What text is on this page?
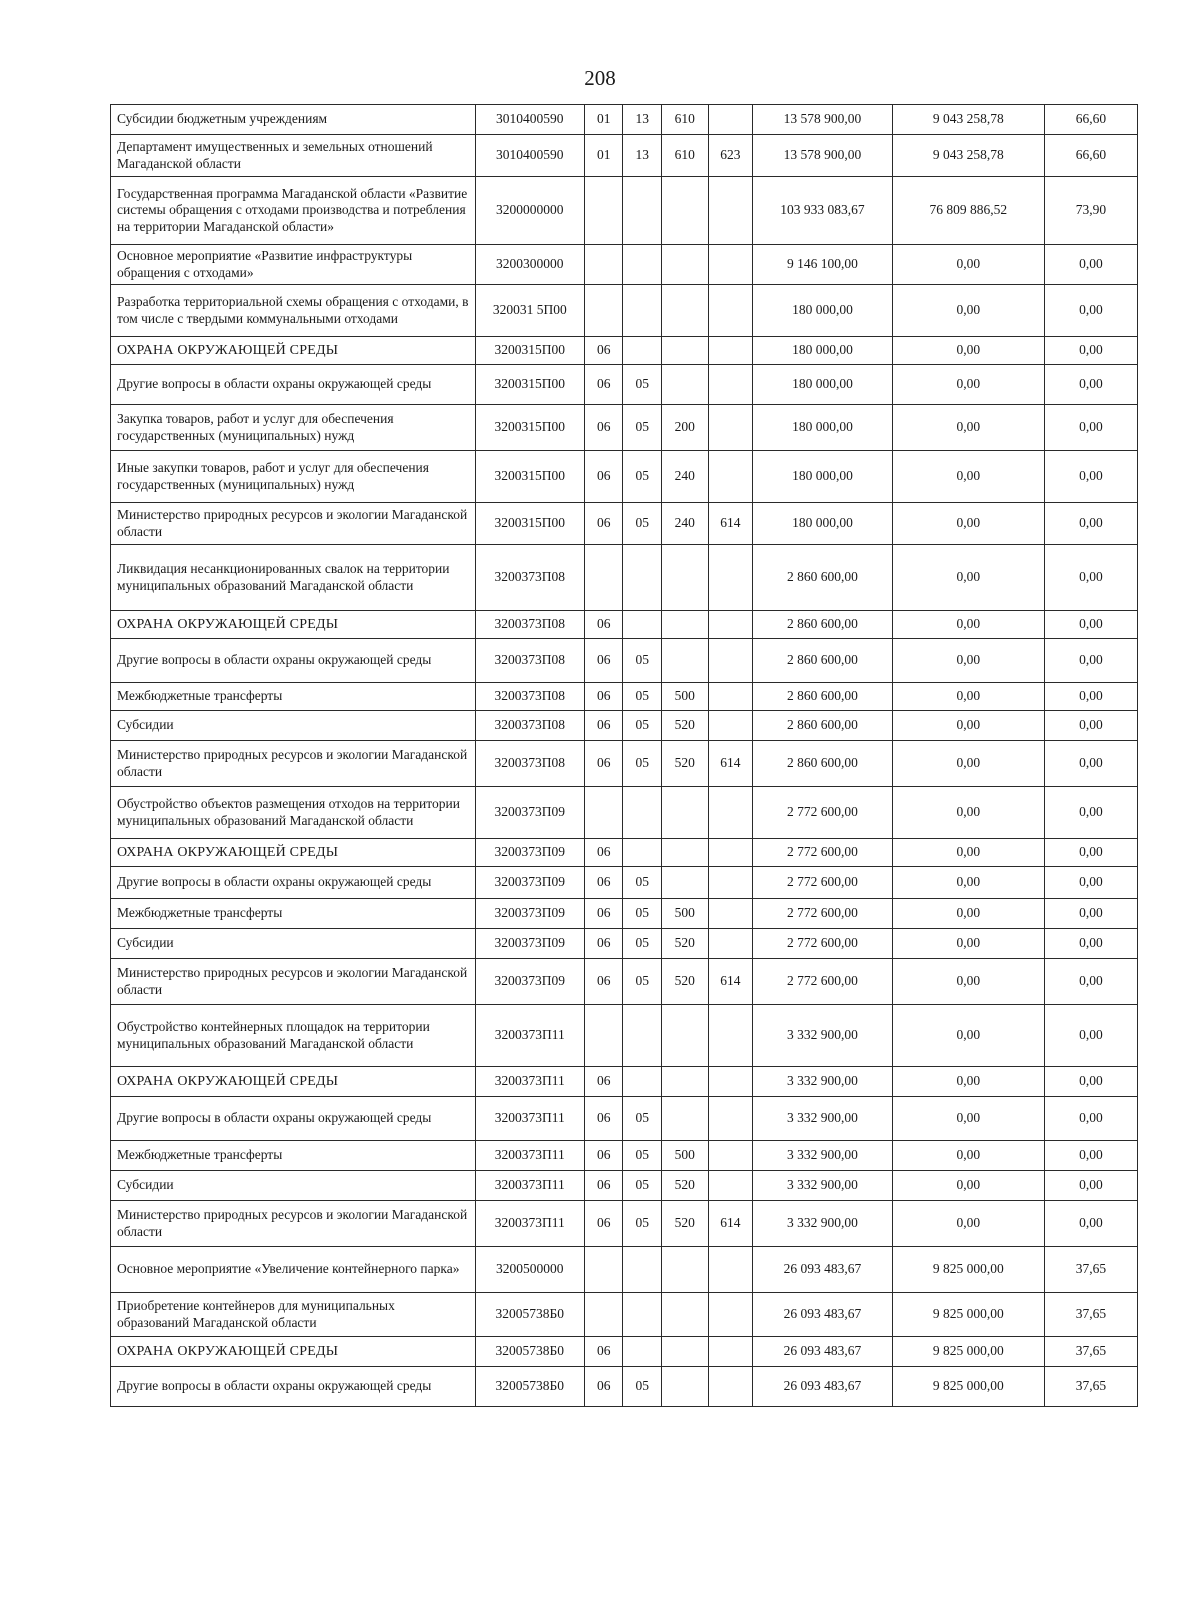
208
Субсидии бюджетным учреждениям	3010400590	01	13	610		13 578 900,00	9 043 258,78	66,60
Департамент имущественных и земельных отношений Магаданской области	3010400590	01	13	610	623	13 578 900,00	9 043 258,78	66,60
Государственная программа Магаданской области «Развитие системы обращения с отходами производства и потребления на территории Магаданской области»	3200000000					103 933 083,67	76 809 886,52	73,90
Основное мероприятие «Развитие инфраструктуры обращения с отходами»	3200300000					9 146 100,00	0,00	0,00
Разработка территориальной схемы обращения с отходами, в том числе с твердыми коммунальными отходами	320031 5П00					180 000,00	0,00	0,00
ОХРАНА ОКРУЖАЮЩЕЙ СРЕДЫ	3200315П00	06				180 000,00	0,00	0,00
Другие вопросы в области охраны окружающей среды	3200315П00	06	05			180 000,00	0,00	0,00
Закупка товаров, работ и услуг для обеспечения государственных (муниципальных) нужд	3200315П00	06	05	200		180 000,00	0,00	0,00
Иные закупки товаров, работ и услуг для обеспечения государственных (муниципальных) нужд	3200315П00	06	05	240		180 000,00	0,00	0,00
Министерство природных ресурсов и экологии Магаданской области	3200315П00	06	05	240	614	180 000,00	0,00	0,00
Ликвидация несанкционированных свалок на территории муниципальных образований Магаданской области	3200373П08					2 860 600,00	0,00	0,00
ОХРАНА ОКРУЖАЮЩЕЙ СРЕДЫ	3200373П08	06				2 860 600,00	0,00	0,00
Другие вопросы в области охраны окружающей среды	3200373П08	06	05			2 860 600,00	0,00	0,00
Межбюджетные трансферты	3200373П08	06	05	500		2 860 600,00	0,00	0,00
Субсидии	3200373П08	06	05	520		2 860 600,00	0,00	0,00
Министерство природных ресурсов и экологии Магаданской области	3200373П08	06	05	520	614	2 860 600,00	0,00	0,00
Обустройство объектов размещения отходов на территории муниципальных образований Магаданской области	3200373П09					2 772 600,00	0,00	0,00
ОХРАНА ОКРУЖАЮЩЕЙ СРЕДЫ	3200373П09	06				2 772 600,00	0,00	0,00
Другие вопросы в области охраны окружающей среды	3200373П09	06	05			2 772 600,00	0,00	0,00
Межбюджетные трансферты	3200373П09	06	05	500		2 772 600,00	0,00	0,00
Субсидии	3200373П09	06	05	520		2 772 600,00	0,00	0,00
Министерство природных ресурсов и экологии Магаданской области	3200373П09	06	05	520	614	2 772 600,00	0,00	0,00
Обустройство контейнерных площадок на территории муниципальных образований Магаданской области	3200373П11					3 332 900,00	0,00	0,00
ОХРАНА ОКРУЖАЮЩЕЙ СРЕДЫ	3200373П11	06				3 332 900,00	0,00	0,00
Другие вопросы в области охраны окружающей среды	3200373П11	06	05			3 332 900,00	0,00	0,00
Межбюджетные трансферты	3200373П11	06	05	500		3 332 900,00	0,00	0,00
Субсидии	3200373П11	06	05	520		3 332 900,00	0,00	0,00
Министерство природных ресурсов и экологии Магаданской области	3200373П11	06	05	520	614	3 332 900,00	0,00	0,00
Основное мероприятие «Увеличение контейнерного парка»	3200500000					26 093 483,67	9 825 000,00	37,65
Приобретение контейнеров для муниципальных образований Магаданской области	32005738Б0					26 093 483,67	9 825 000,00	37,65
ОХРАНА ОКРУЖАЮЩЕЙ СРЕДЫ	32005738Б0	06				26 093 483,67	9 825 000,00	37,65
Другие вопросы в области охраны окружающей среды	32005738Б0	06	05			26 093 483,67	9 825 000,00	37,65
